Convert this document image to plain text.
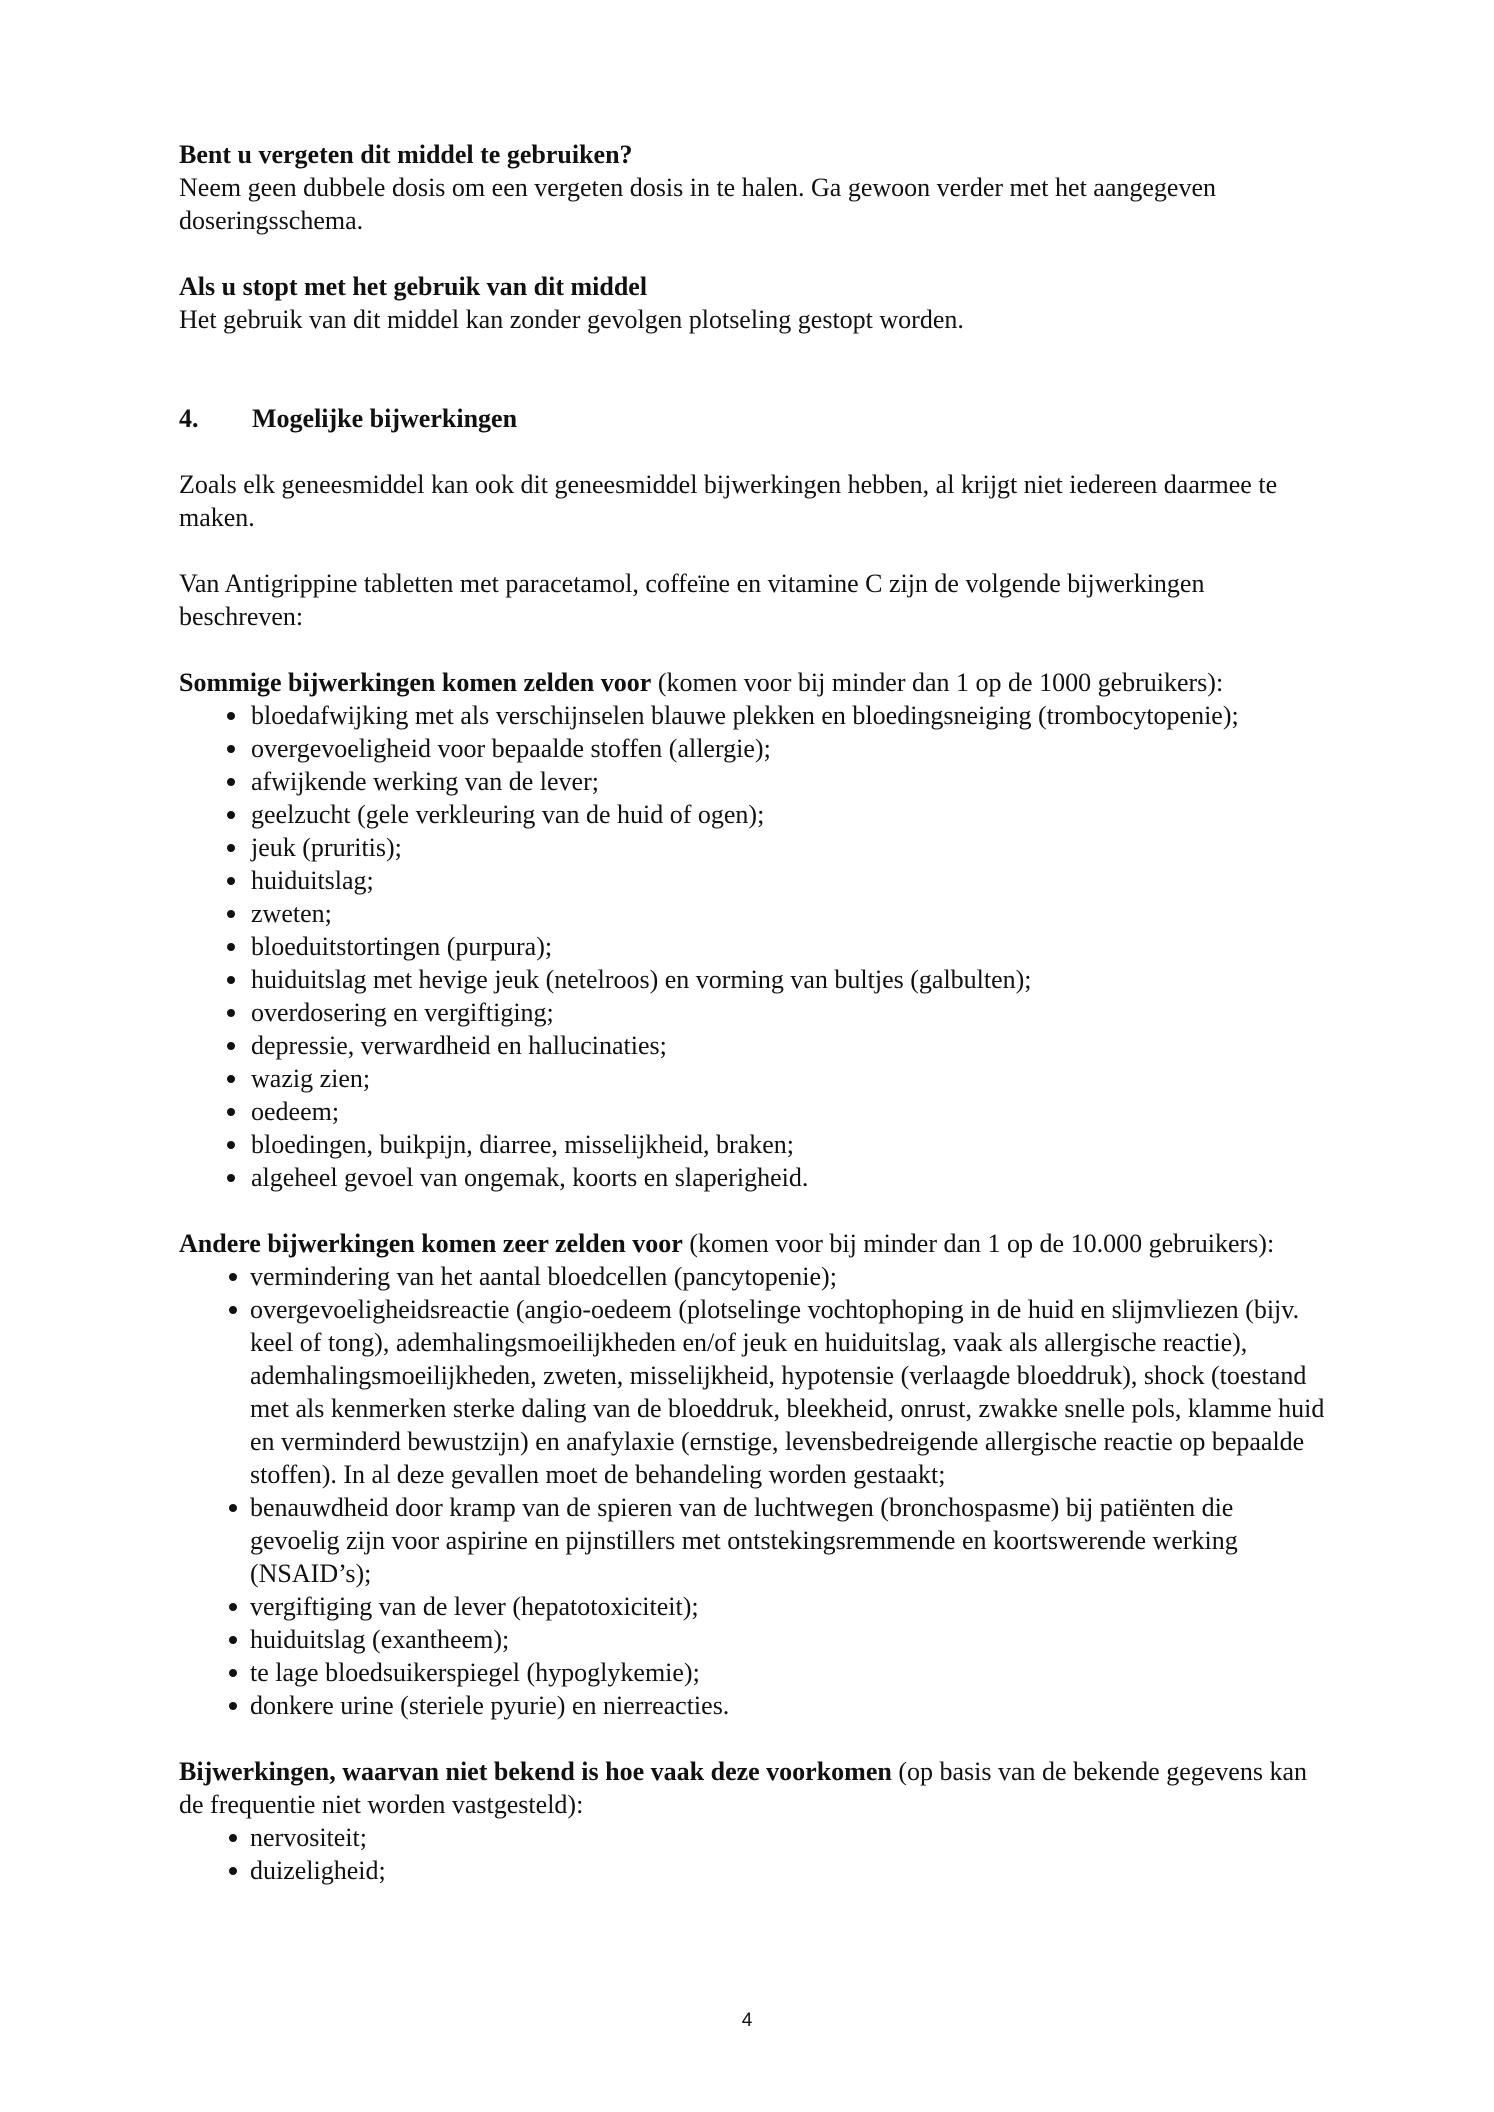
Bent u vergeten dit middel te gebruiken?

Neem geen dubbele dosis om een vergeten dosis in te halen. Ga gewoon verder met het aangegeven doseringsschema.

Als u stopt met het gebruik van dit middel

Het gebruik van dit middel kan zonder gevolgen plotseling gestopt worden.

4.	Mogelijke bijwerkingen

Zoals elk geneesmiddel kan ook dit geneesmiddel bijwerkingen hebben, al krijgt niet iedereen daarmee te maken.

Van Antigrippine tabletten met paracetamol, coffeïne en vitamine C zijn de volgende bijwerkingen beschreven:

Sommige bijwerkingen komen zelden voor (komen voor bij minder dan 1 op de 1000 gebruikers):

bloedafwijking met als verschijnselen blauwe plekken en bloedingsneiging (trombocytopenie);
overgevoeligheid voor bepaalde stoffen (allergie);
afwijkende werking van de lever;
geelzucht (gele verkleuring van de huid of ogen);
jeuk (pruritis);
huiduitslag;
zweten;
bloeduitstortingen (purpura);
huiduitslag met hevige jeuk (netelroos) en vorming van bultjes (galbulten);
overdosering en vergiftiging;
depressie, verwardheid en hallucinaties;
wazig zien;
oedeem;
bloedingen, buikpijn, diarree, misselijkheid, braken;
algeheel gevoel van ongemak, koorts en slaperigheid.

Andere bijwerkingen komen zeer zelden voor (komen voor bij minder dan 1 op de 10.000 gebruikers):

vermindering van het aantal bloedcellen (pancytopenie);
overgevoeligheidsreactie (angio-oedeem (plotselinge vochtophoping in de huid en slijmvliezen (bijv. keel of tong), ademhalingsmoeilijkheden en/of jeuk en huiduitslag, vaak als allergische reactie), ademhalingsmoeilijkheden, zweten, misselijkheid, hypotensie (verlaagde bloeddruk), shock (toestand met als kenmerken sterke daling van de bloeddruk, bleekheid, onrust, zwakke snelle pols, klamme huid en verminderd bewustzijn) en anafylaxie (ernstige, levensbedreigende allergische reactie op bepaalde stoffen). In al deze gevallen moet de behandeling worden gestaakt;
benauwdheid door kramp van de spieren van de luchtwegen (bronchospasme) bij patiënten die gevoelig zijn voor aspirine en pijnstillers met ontstekingsremmende en koortswerende werking (NSAID’s);
vergiftiging van de lever (hepatotoxiciteit);
huiduitslag (exantheem);
te lage bloedsuikerspiegel (hypoglykemie);
donkere urine (steriele pyurie) en nierreacties.

Bijwerkingen, waarvan niet bekend is hoe vaak deze voorkomen (op basis van de bekende gegevens kan de frequentie niet worden vastgesteld):

nervositeit;
duizeligheid;
4
